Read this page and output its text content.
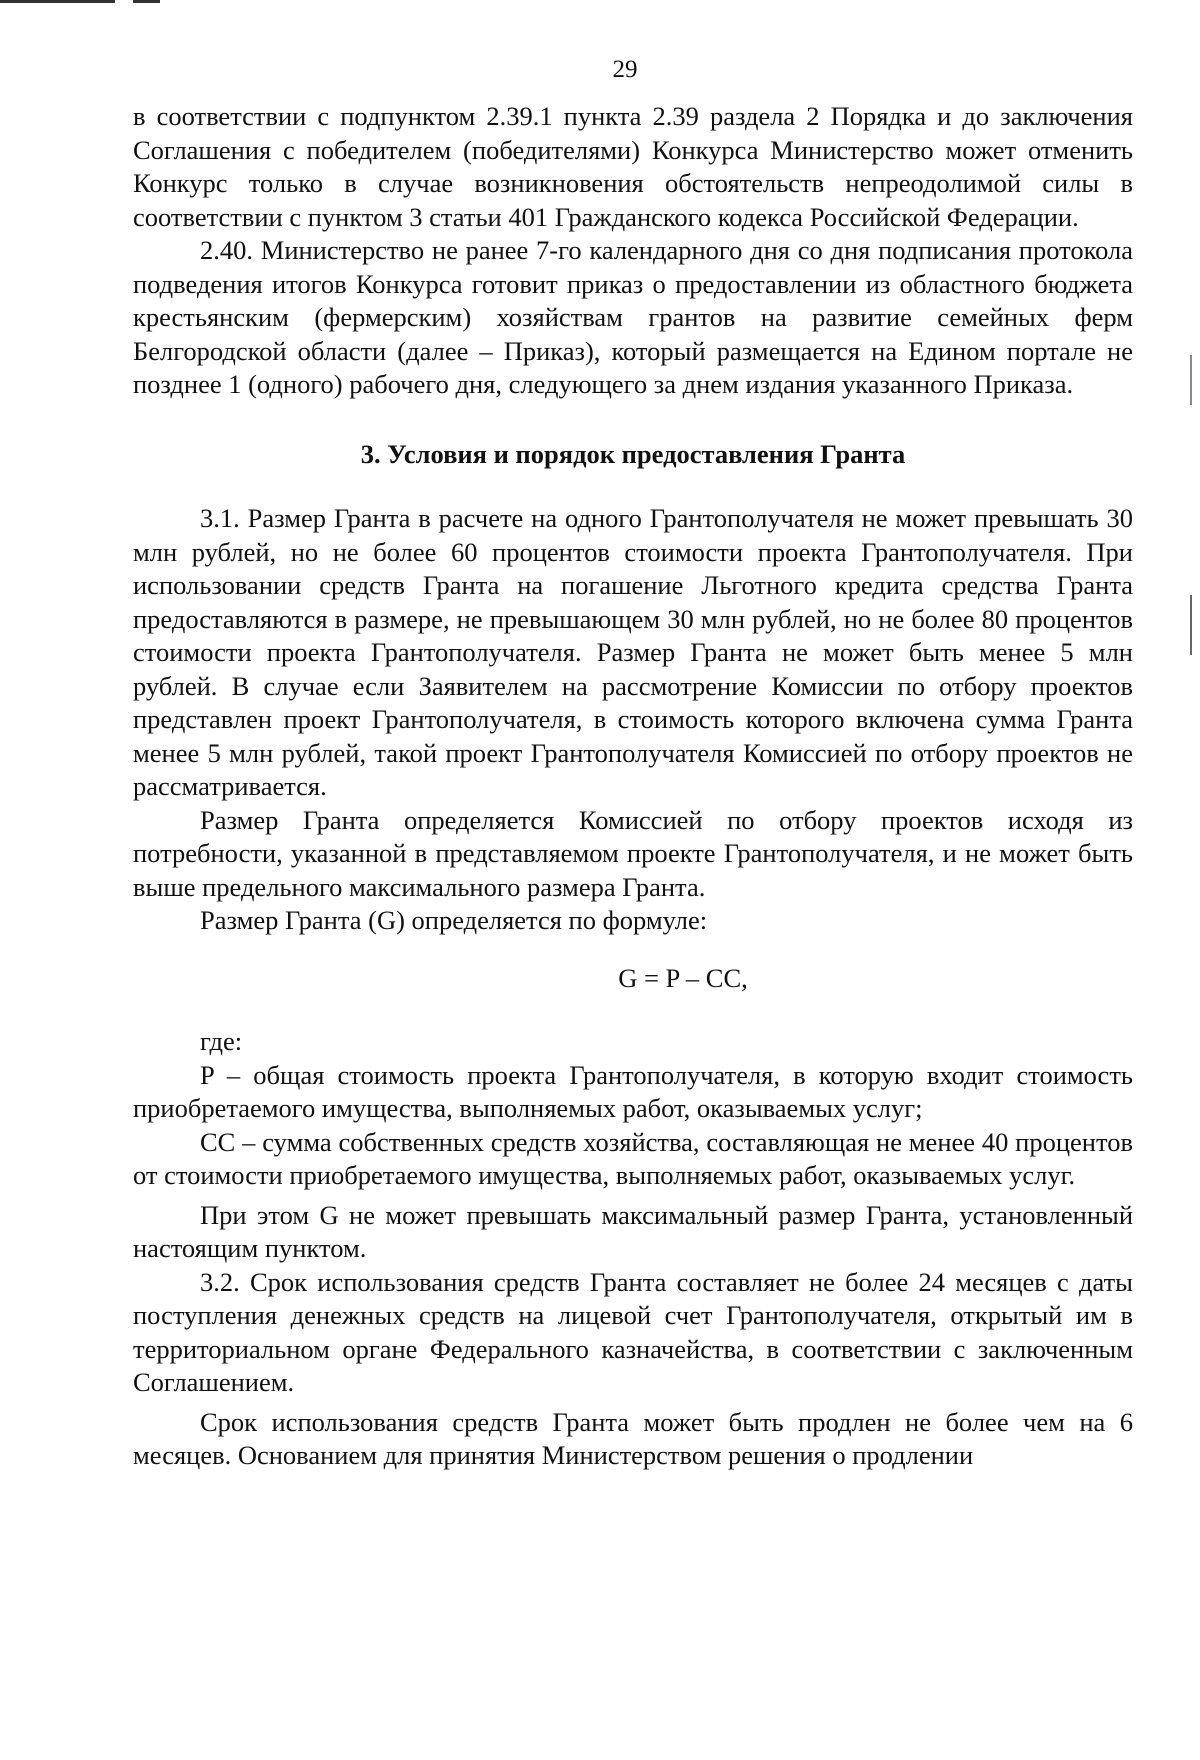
29

в соответствии с подпунктом 2.39.1 пункта 2.39 раздела 2 Порядка и до заключения Соглашения с победителем (победителями) Конкурса Министерство может отменить Конкурс только в случае возникновения обстоятельств непреодолимой силы в соответствии с пунктом 3 статьи 401 Гражданского кодекса Российской Федерации.

2.40. Министерство не ранее 7-го календарного дня со дня подписания протокола подведения итогов Конкурса готовит приказ о предоставлении из областного бюджета крестьянским (фермерским) хозяйствам грантов на развитие семейных ферм Белгородской области (далее – Приказ), который размещается на Едином портале не позднее 1 (одного) рабочего дня, следующего за днем издания указанного Приказа.

3. Условия и порядок предоставления Гранта

3.1. Размер Гранта в расчете на одного Грантополучателя не может превышать 30 млн рублей, но не более 60 процентов стоимости проекта Грантополучателя. При использовании средств Гранта на погашение Льготного кредита средства Гранта предоставляются в размере, не превышающем 30 млн рублей, но не более 80 процентов стоимости проекта Грантополучателя. Размер Гранта не может быть менее 5 млн рублей. В случае если Заявителем на рассмотрение Комиссии по отбору проектов представлен проект Грантополучателя, в стоимость которого включена сумма Гранта менее 5 млн рублей, такой проект Грантополучателя Комиссией по отбору проектов не рассматривается.

Размер Гранта определяется Комиссией по отбору проектов исходя из потребности, указанной в представляемом проекте Грантополучателя, и не может быть выше предельного максимального размера Гранта.

Размер Гранта (G) определяется по формуле:

G = P – CC,

где:

P – общая стоимость проекта Грантополучателя, в которую входит стоимость приобретаемого имущества, выполняемых работ, оказываемых услуг;

CC – сумма собственных средств хозяйства, составляющая не менее 40 процентов от стоимости приобретаемого имущества, выполняемых работ, оказываемых услуг.

При этом G не может превышать максимальный размер Гранта, установленный настоящим пунктом.

3.2. Срок использования средств Гранта составляет не более 24 месяцев с даты поступления денежных средств на лицевой счет Грантополучателя, открытый им в территориальном органе Федерального казначейства, в соответствии с заключенным Соглашением.

Срок использования средств Гранта может быть продлен не более чем на 6 месяцев. Основанием для принятия Министерством решения о продлении
